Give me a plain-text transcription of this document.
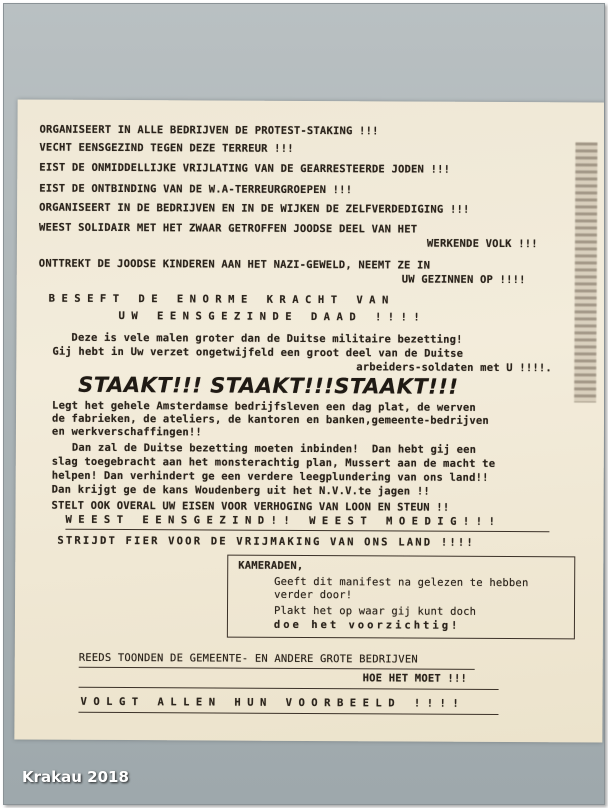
ORGANISEERT IN ALLE BEDRIJVEN DE PROTEST-STAKING !!!
VECHT EENSGEZIND TEGEN DEZE TERREUR !!!
EIST DE ONMIDDELLIJKE VRIJLATING VAN DE GEARRESTEERDE JODEN !!!
EIST DE ONTBINDING VAN DE W.A-TERREURGROEPEN !!!
ORGANISEERT IN DE BEDRIJVEN EN IN DE WIJKEN DE ZELFVERDEDIGING !!!
WEEST SOLIDAIR MET HET ZWAAR GETROFFEN JOODSE DEEL VAN HET
WERKENDE VOLK !!!
ONTTREKT DE JOODSE KINDEREN AAN HET NAZI-GEWELD, NEEMT ZE IN
UW GEZINNEN OP !!!!
BESEFT DE ENORME KRACHT VAN
UW EENSGEZINDE DAAD !!!!
Deze is vele malen groter dan de Duitse militaire bezetting!
Gij hebt in Uw verzet ongetwijfeld een groot deel van de Duitse
arbeiders-soldaten met U !!!!.
STAAKT!!! STAAKT!!!STAAKT!!!
Legt het gehele Amsterdamse bedrijfsleven een dag plat, de werven
de fabrieken, de ateliers, de kantoren en banken,gemeente-bedrijven
en werkverschaffingen!!
Dan zal de Duitse bezetting moeten inbinden!  Dan hebt gij een
slag toegebracht aan het monsterachtig plan, Mussert aan de macht te
helpen! Dan verhindert ge een verdere leegplundering van ons land!!
Dan krijgt ge de kans Woudenberg uit het N.V.V.te jagen !!
STELT OOK OVERAL UW EISEN VOOR VERHOGING VAN LOON EN STEUN !!
WEEST EENSGEZIND!! WEEST MOEDIG!!!
STRIJDT FIER VOOR DE VRIJMAKING VAN ONS LAND !!!!
KAMERADEN,
Geeft dit manifest na gelezen te hebben
verder door!
Plakt het op waar gij kunt doch
doe het voorzichtig!
REEDS TOONDEN DE GEMEENTE- EN ANDERE GROTE BEDRIJVEN
HOE HET MOET !!!
VOLGT ALLEN HUN VOORBEELD !!!!
Krakau 2018
